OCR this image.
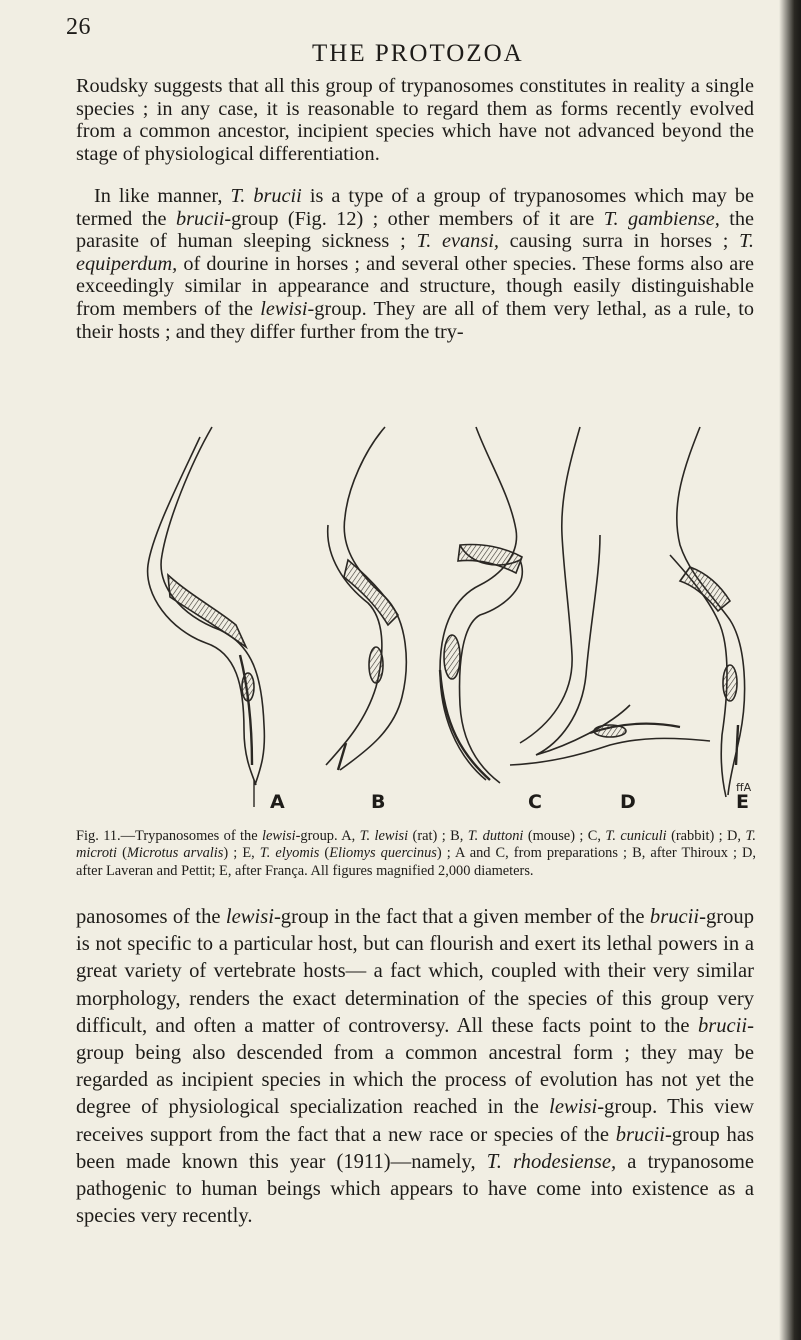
26
THE PROTOZOA

Roudsky suggests that all this group of trypanosomes constitutes in reality a single species ; in any case, it is reasonable to regard them as forms recently evolved from a common ancestor, incipient species which have not advanced beyond the stage of physiological differentiation.

In like manner, T. brucii is a type of a group of trypanosomes which may be termed the brucii-group (Fig. 12) ; other members of it are T. gambiense, the parasite of human sleeping sickness ; T. evansi, causing surra in horses ; T. equiperdum, of dourine in horses ; and several other species. These forms also are exceedingly similar in appearance and structure, though easily distinguishable from members of the lewisi-group. They are all of them very lethal, as a rule, to their hosts ; and they differ further from the try-

A	B	C	D	E
ffA

Fig. 11.—Trypanosomes of the lewisi-group. A, T. lewisi (rat) ; B, T. duttoni (mouse) ; C, T. cuniculi (rabbit) ; D, T. microti (Microtus arvalis) ; E, T. elyomis (Eliomys quercinus) ; A and C, from preparations ; B, after Thiroux ; D, after Laveran and Pettit; E, after França. All figures magnified 2,000 diameters.

panosomes of the lewisi-group in the fact that a given member of the brucii-group is not specific to a particular host, but can flourish and exert its lethal powers in a great variety of vertebrate hosts— a fact which, coupled with their very similar morphology, renders the exact determination of the species of this group very difficult, and often a matter of controversy. All these facts point to the brucii-group being also descended from a common ancestral form ; they may be regarded as incipient species in which the process of evolution has not yet the degree of physiological specialization reached in the lewisi-group. This view receives support from the fact that a new race or species of the brucii-group has been made known this year (1911)—namely, T. rhodesiense, a trypanosome pathogenic to human beings which appears to have come into existence as a species very recently.
